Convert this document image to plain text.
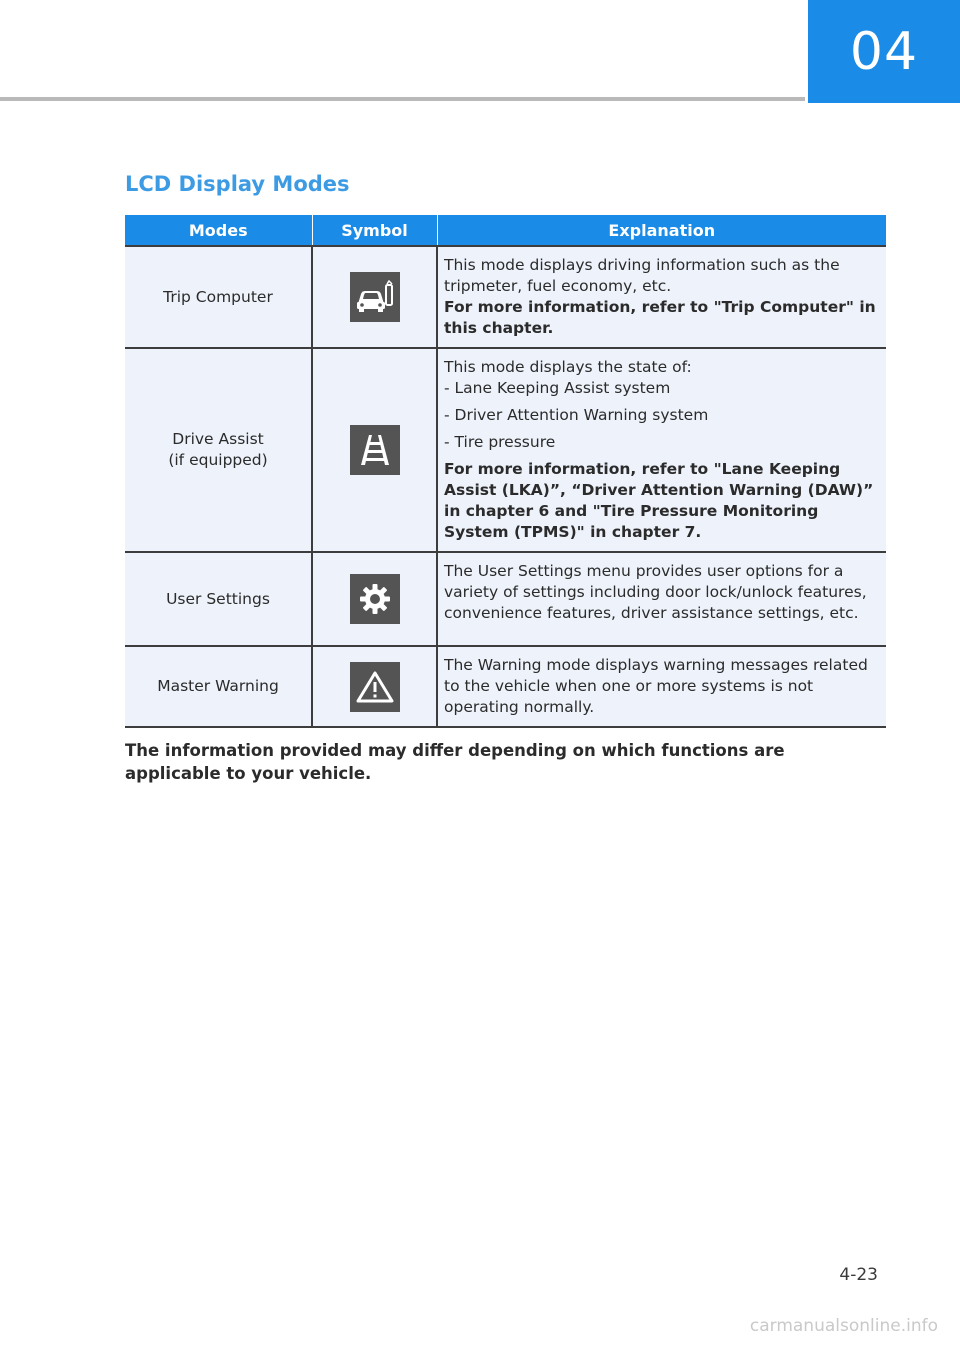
04
LCD Display Modes
Modes	Symbol	Explanation
Trip Computer		This mode displays driving information such as the tripmeter, fuel economy, etc.
For more information, refer to "Trip Computer" in this chapter.

Drive Assist
(if equipped)		This mode displays the state of:
- Lane Keeping Assist system
- Driver Attention Warning system
- Tire pressure
For more information, refer to "Lane Keeping Assist (LKA)”, “Driver Attention Warning (DAW)” in chapter 6 and "Tire Pressure Monitoring System (TPMS)" in chapter 7.

User Settings		The User Settings menu provides user options for a variety of settings including door lock/unlock features, convenience features, driver assistance settings, etc.

Master Warning		The Warning mode displays warning messages related to the vehicle when one or more systems is not operating normally.
The information provided may differ depending on which functions are applicable to your vehicle.
4-23
carmanualsonline.info
